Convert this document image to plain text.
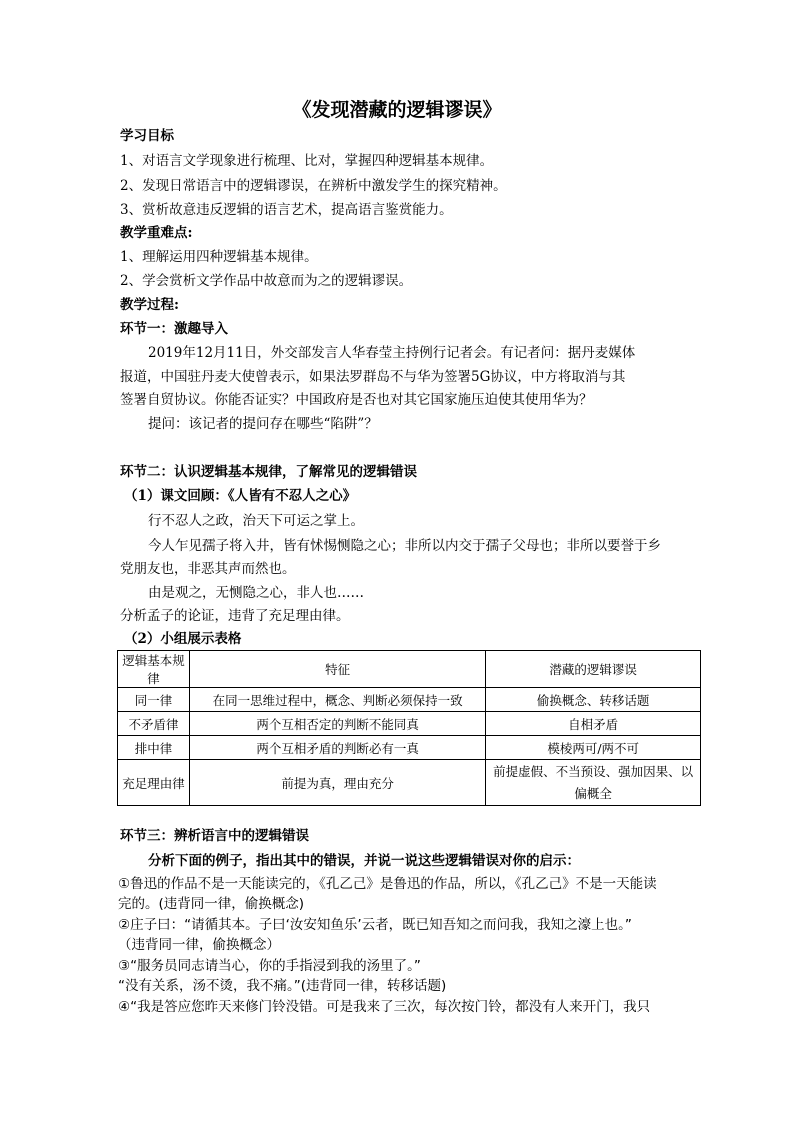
《发现潜藏的逻辑谬误》
学习目标
1、对语言文学现象进行梳理、比对，掌握四种逻辑基本规律。
2、发现日常语言中的逻辑谬误，在辨析中激发学生的探究精神。
3、赏析故意违反逻辑的语言艺术，提高语言鉴赏能力。
教学重难点:
1、理解运用四种逻辑基本规律。
2、学会赏析文学作品中故意而为之的逻辑谬误。
教学过程:
环节一：激趣导入
2019年12月11日，外交部发言人华春莹主持例行记者会。有记者问：据丹麦媒体
报道，中国驻丹麦大使曾表示，如果法罗群岛不与华为签署5G协议，中方将取消与其
签署自贸协议。你能否证实？中国政府是否也对其它国家施压迫使其使用华为？
提问：该记者的提问存在哪些“陷阱”？
环节二：认识逻辑基本规律，了解常见的逻辑错误
（1）课文回顾：《人皆有不忍人之心》
行不忍人之政，治天下可运之掌上。
今人乍见孺子将入井，皆有怵惕恻隐之心；非所以内交于孺子父母也；非所以要誉于乡
党朋友也，非恶其声而然也。
由是观之，无恻隐之心，非人也……
分析孟子的论证，违背了充足理由律。
（2）小组展示表格
逻辑基本规律	特征	潜藏的逻辑谬误
同一律	在同一思维过程中，概念、判断必须保持一致	偷换概念、转移话题
不矛盾律	两个互相否定的判断不能同真	自相矛盾
排中律	两个互相矛盾的判断必有一真	模棱两可/两不可
充足理由律	前提为真，理由充分	前提虚假、不当预设、强加因果、以偏概全
环节三：辨析语言中的逻辑错误
分析下面的例子，指出其中的错误，并说一说这些逻辑错误对你的启示：
①鲁迅的作品不是一天能读完的，《孔乙己》是鲁迅的作品，所以，《孔乙己》不是一天能读
完的。(违背同一律，偷换概念)
②庄子曰：“请循其本。子曰‘汝安知鱼乐’云者，既已知吾知之而问我，我知之濠上也。”
（违背同一律，偷换概念）
③“服务员同志请当心，你的手指浸到我的汤里了。”
“没有关系，汤不烫，我不痛。”(违背同一律，转移话题)
④“我是答应您昨天来修门铃没错。可是我来了三次，每次按门铃，都没有人来开门，我只
